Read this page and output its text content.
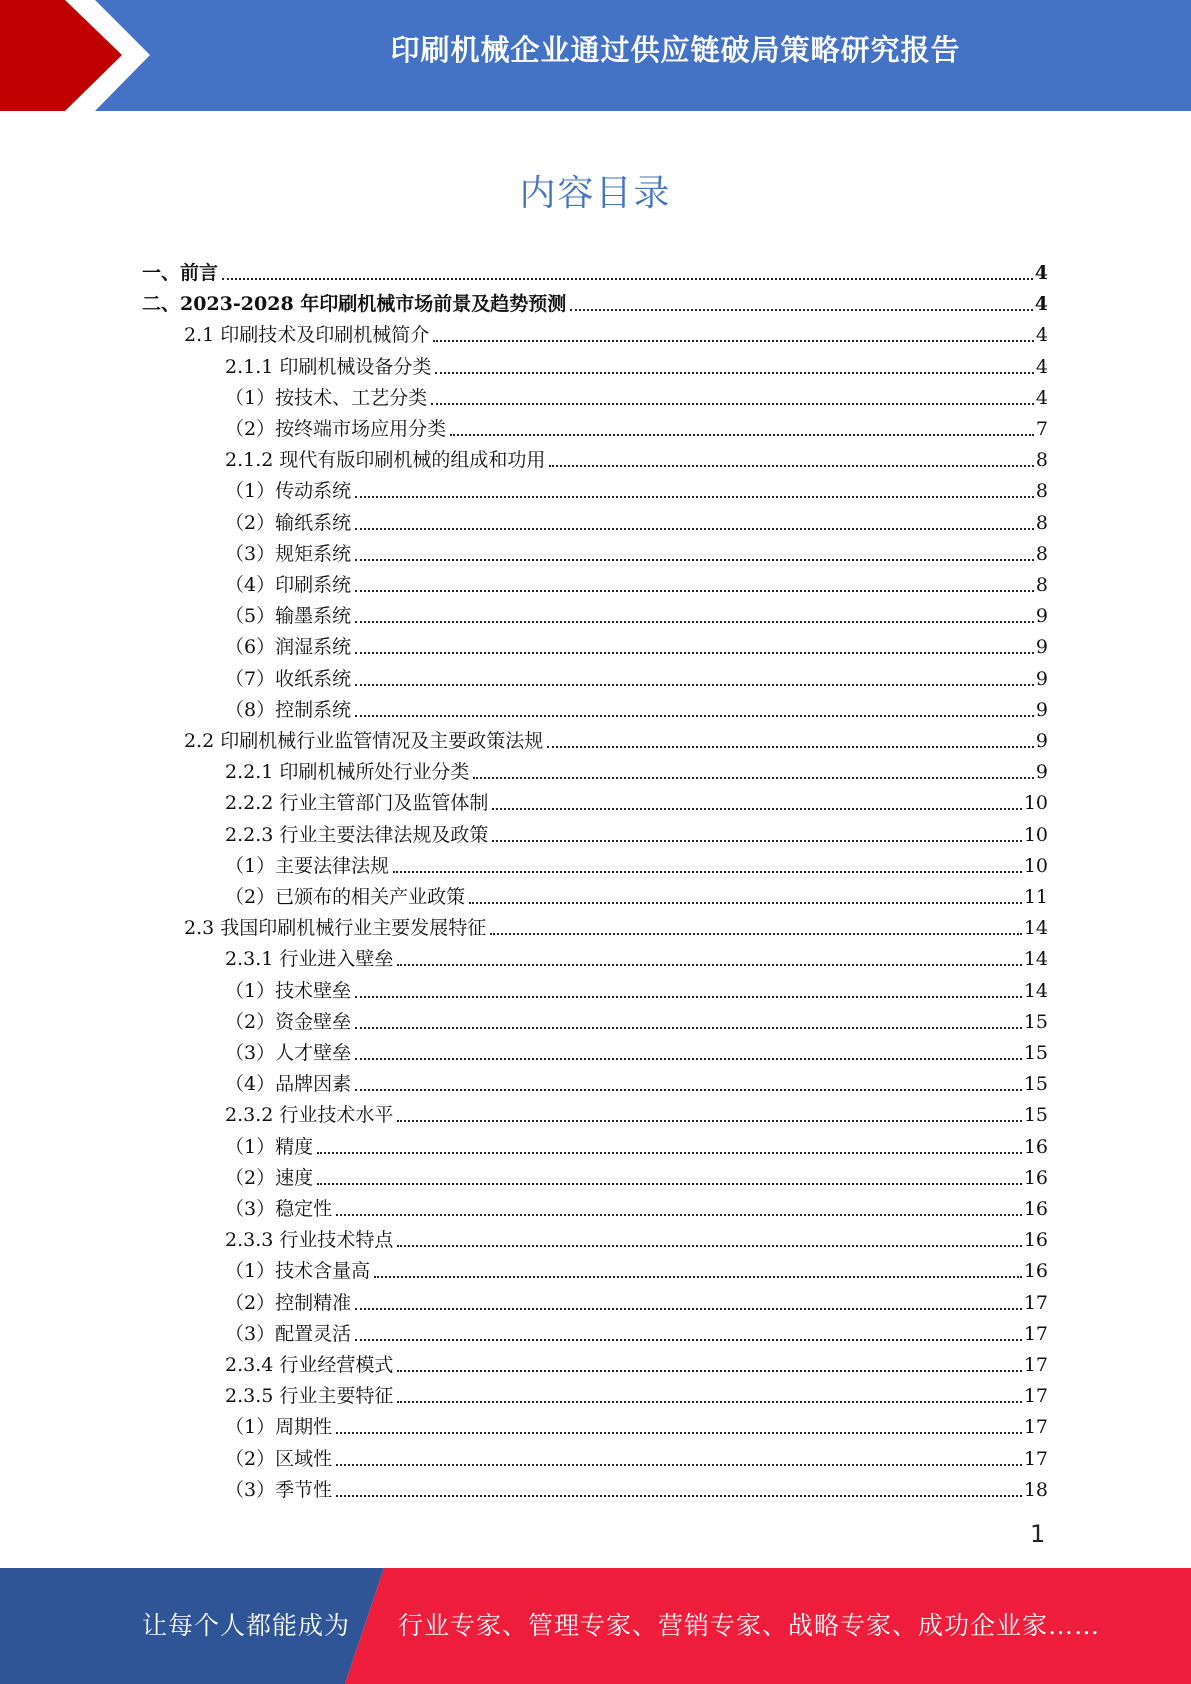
印刷机械企业通过供应链破局策略研究报告
内容目录
一、 前言	4
二、 2023-2028 年印刷机械市场前景及趋势预测	4
2.1 印刷技术及印刷机械简介	4
2.1.1 印刷机械设备分类	4
（1） 按技术、工艺分类	4
（2） 按终端市场应用分类	7
2.1.2 现代有版印刷机械的组成和功用	8
（1） 传动系统	8
（2） 输纸系统	8
（3） 规矩系统	8
（4） 印刷系统	8
（5） 输墨系统	9
（6） 润湿系统	9
（7） 收纸系统	9
（8） 控制系统	9
2.2 印刷机械行业监管情况及主要政策法规	9
2.2.1 印刷机械所处行业分类	9
2.2.2 行业主管部门及监管体制	10
2.2.3 行业主要法律法规及政策	10
（1） 主要法律法规	10
（2） 已颁布的相关产业政策	11
2.3 我国印刷机械行业主要发展特征	14
2.3.1 行业进入壁垒	14
（1） 技术壁垒	14
（2） 资金壁垒	15
（3） 人才壁垒	15
（4） 品牌因素	15
2.3.2 行业技术水平	15
（1） 精度	16
（2） 速度	16
（3） 稳定性	16
2.3.3 行业技术特点	16
（1） 技术含量高	16
（2） 控制精准	17
（3） 配置灵活	17
2.3.4 行业经营模式	17
2.3.5 行业主要特征	17
（1） 周期性	17
（2） 区域性	17
（3） 季节性	18
1
让每个人都能成为 行业专家、管理专家、营销专家、战略专家、成功企业家……
